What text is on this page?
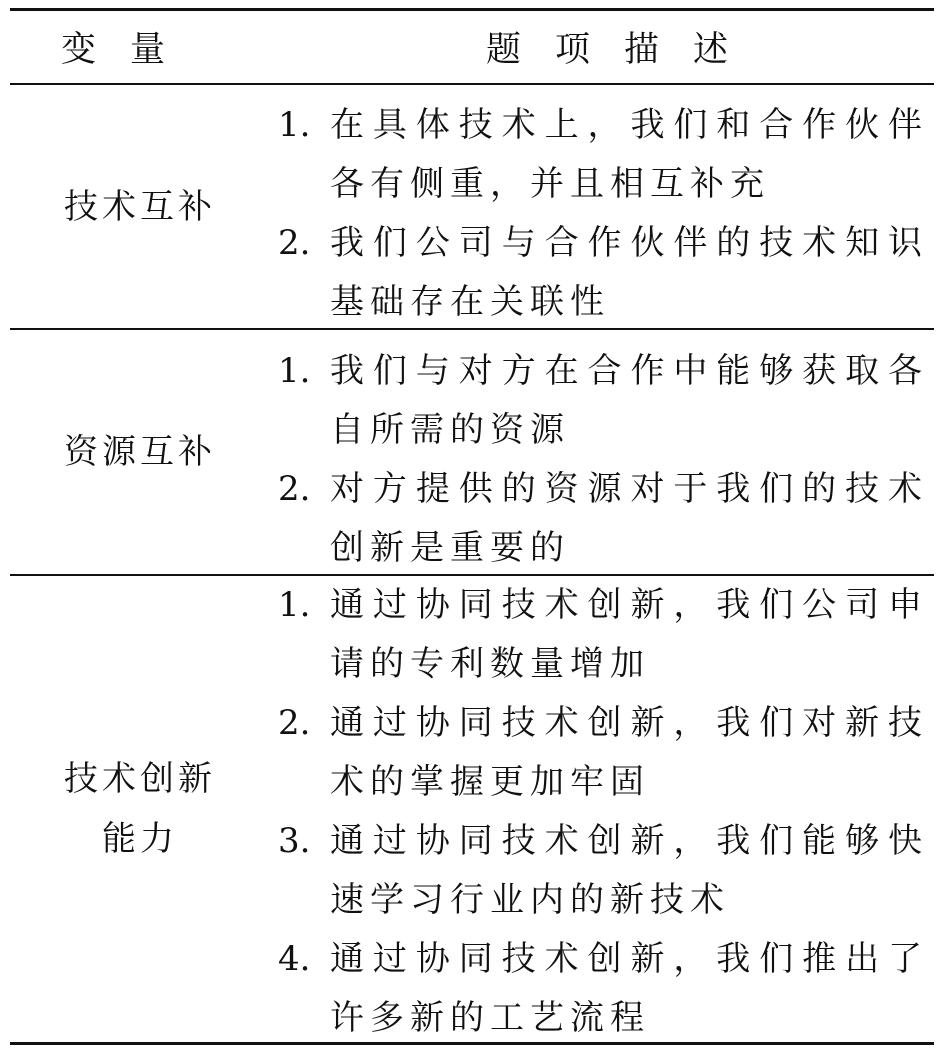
变量	题项描述
技术互补
1. 在具体技术上，我们和合作伙伴各有侧重，并且相互补充
2. 我们公司与合作伙伴的技术知识基础存在关联性
资源互补
1. 我们与对方在合作中能够获取各自所需的资源
2. 对方提供的资源对于我们的技术创新是重要的
技术创新
能力
1. 通过协同技术创新，我们公司申请的专利数量增加
2. 通过协同技术创新，我们对新技术的掌握更加牢固
3. 通过协同技术创新，我们能够快速学习行业内的新技术
4. 通过协同技术创新，我们推出了许多新的工艺流程
